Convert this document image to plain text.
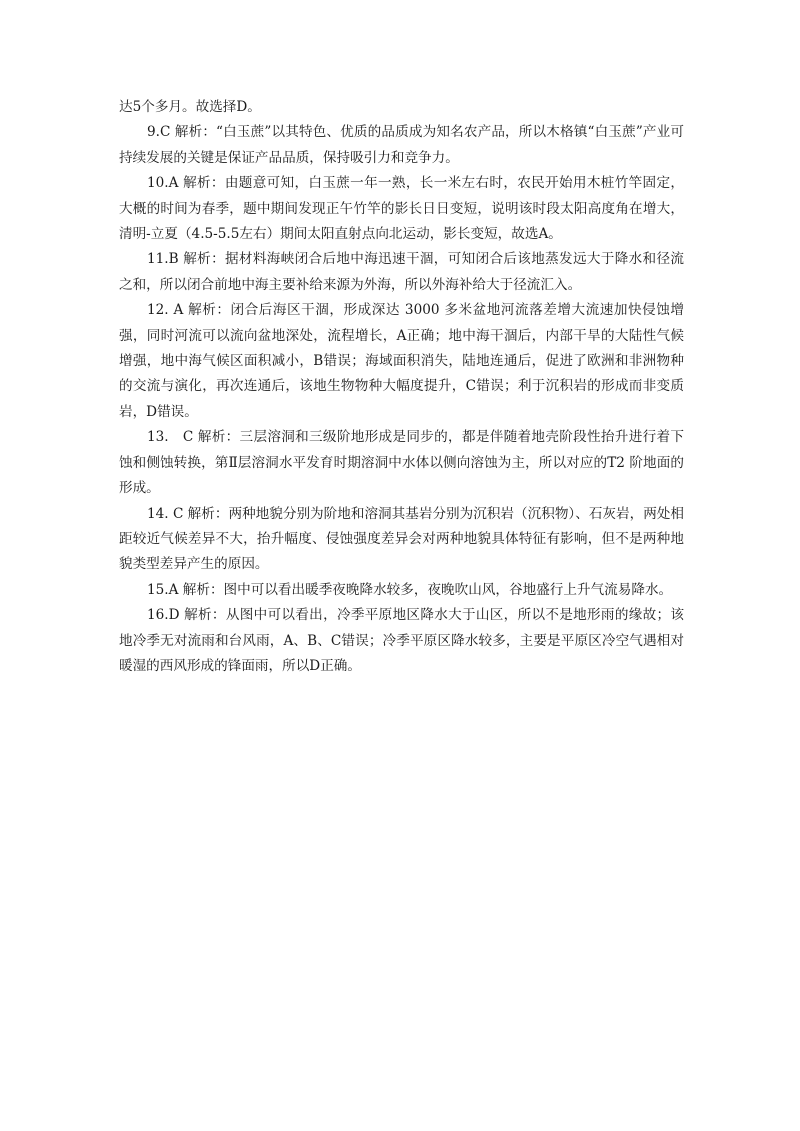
达5个多月。故选择D。

9.C 解析：“白玉蔗”以其特色、优质的品质成为知名农产品，所以木格镇“白玉蔗”产业可持续发展的关键是保证产品品质，保持吸引力和竞争力。

10.A 解析：由题意可知，白玉蔗一年一熟，长一米左右时，农民开始用木桩竹竿固定，大概的时间为春季，题中期间发现正午竹竿的影长日日变短，说明该时段太阳高度角在增大，清明-立夏（4.5-5.5左右）期间太阳直射点向北运动，影长变短，故选A。

11.B 解析：据材料海峡闭合后地中海迅速干涸，可知闭合后该地蒸发远大于降水和径流之和，所以闭合前地中海主要补给来源为外海，所以外海补给大于径流汇入。

12. A 解析：闭合后海区干涸，形成深达 3000 多米盆地河流落差增大流速加快侵蚀增强，同时河流可以流向盆地深处，流程增长，A正确；地中海干涸后，内部干旱的大陆性气候增强，地中海气候区面积减小，B错误；海域面积消失，陆地连通后，促进了欧洲和非洲物种的交流与演化，再次连通后，该地生物物种大幅度提升，C错误；利于沉积岩的形成而非变质岩，D错误。

13.　C 解析：三层溶洞和三级阶地形成是同步的，都是伴随着地壳阶段性抬升进行着下蚀和侧蚀转换，第Ⅱ层溶洞水平发育时期溶洞中水体以侧向溶蚀为主，所以对应的T2 阶地面的形成。

14. C 解析：两种地貌分别为阶地和溶洞其基岩分别为沉积岩（沉积物）、石灰岩，两处相距较近气候差异不大，抬升幅度、侵蚀强度差异会对两种地貌具体特征有影响，但不是两种地貌类型差异产生的原因。

15.A 解析：图中可以看出暖季夜晚降水较多，夜晚吹山风，谷地盛行上升气流易降水。

16.D 解析：从图中可以看出，冷季平原地区降水大于山区，所以不是地形雨的缘故；该地冷季无对流雨和台风雨，A、B、C错误；冷季平原区降水较多，主要是平原区冷空气遇相对暖湿的西风形成的锋面雨，所以D正确。
